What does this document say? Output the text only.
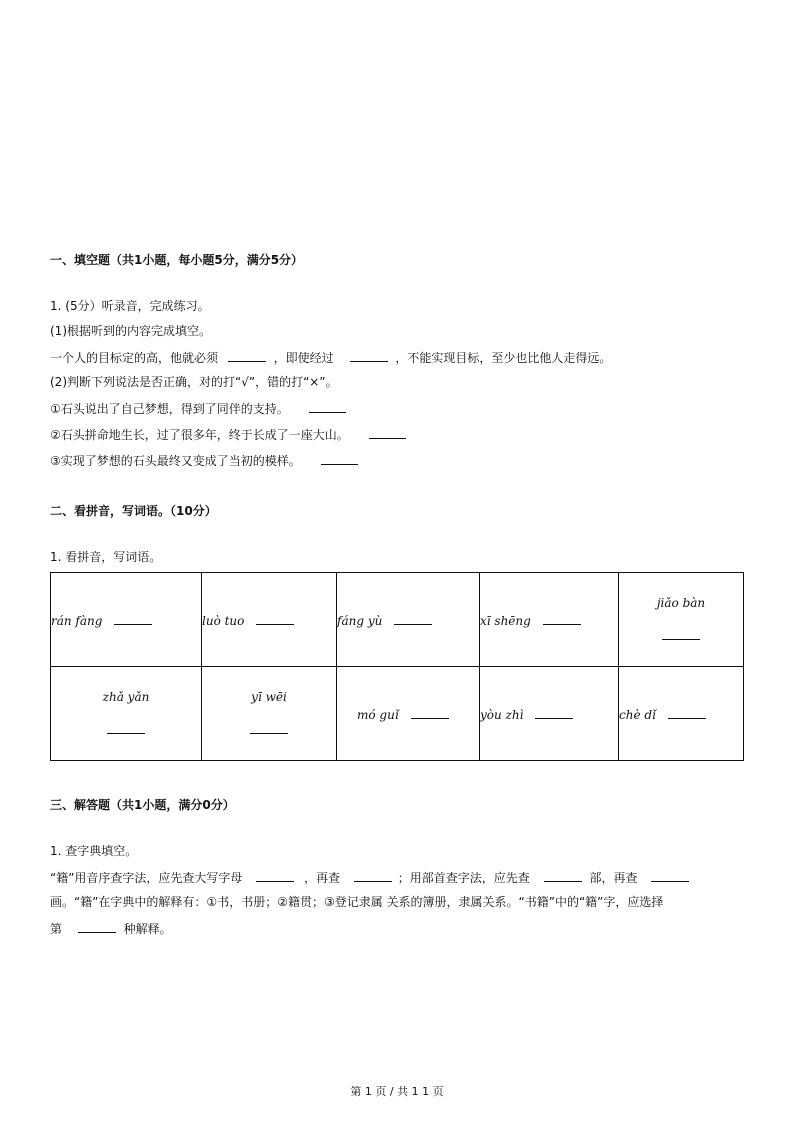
一、填空题（共1小题，每小题5分，满分5分）
1. (5分）听录音，完成练习。
(1)根据听到的内容完成填空。
一个人的目标定的高，他就必须	，即使经过	，不能实现目标，至少也比他人走得远。
(2)判断下列说法是否正确，对的打“√”，错的打“×”。
①石头说出了自己梦想，得到了同伴的支持。
②石头拼命地生长，过了很多年，终于长成了一座大山。
③实现了梦想的石头最终又变成了当初的模样。
二、看拼音，写词语。（10分）
1. 看拼音，写词语。
rán fàng	luò tuo	fáng yù	xī shēng	jiǎo bàn

zhǎ yǎn	yī wēi	mó guǐ	yòu zhì	chè dǐ
三、解答题（共1小题，满分0分）
1. 查字典填空。
“籍”用音序查字法，应先查大写字母	，再查	；用部首查字法，应先查	部，再查
画。“籍”在字典中的解释有：①书，书册；②籍贯；③登记隶属 关系的簿册，隶属关系。“书籍”中的“籍”字，应选择
第	种解释。
第 1 页 / 共 1 1 页
